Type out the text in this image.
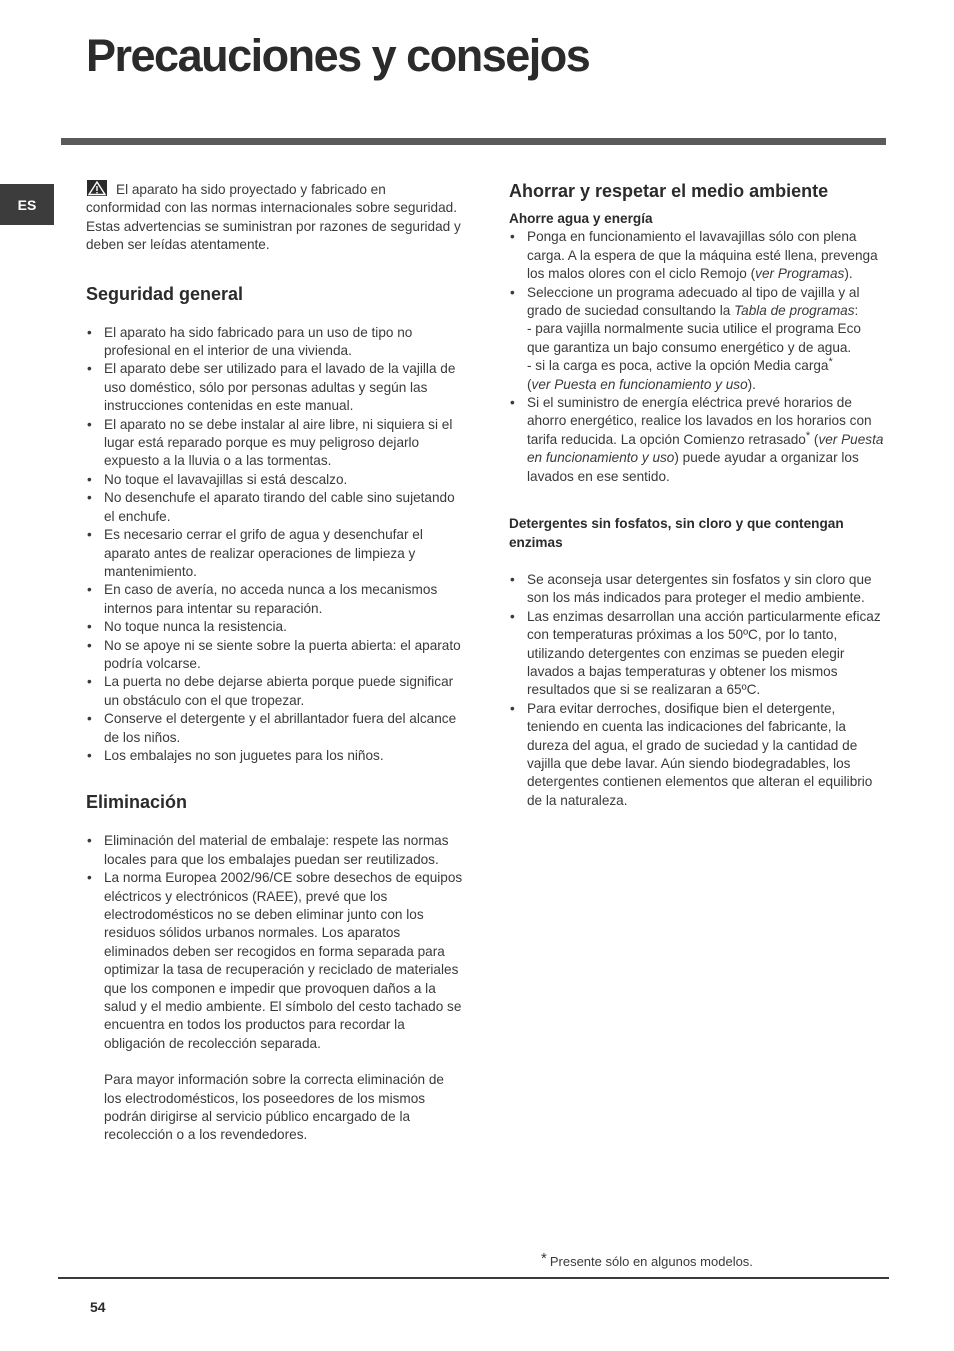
Precauciones y consejos
ES

El aparato ha sido proyectado y fabricado en conformidad con las normas internacionales sobre seguridad. Estas advertencias se suministran por razones de seguridad y deben ser leídas atentamente.

Seguridad general
• El aparato ha sido fabricado para un uso de tipo no profesional en el interior de una vivienda.
• El aparato debe ser utilizado para el lavado de la vajilla de uso doméstico, sólo por personas adultas y según las instrucciones contenidas en este manual.
• El aparato no se debe instalar al aire libre, ni siquiera si el lugar está reparado porque es muy peligroso dejarlo expuesto a la lluvia o a las tormentas.
• No toque el lavavajillas si está descalzo.
• No desenchufe el aparato tirando del cable sino sujetando el enchufe.
• Es necesario cerrar el grifo de agua y desenchufar el aparato antes de realizar operaciones de limpieza y mantenimiento.
• En caso de avería, no acceda nunca a los mecanismos internos para intentar su reparación.
• No toque nunca la resistencia.
• No se apoye ni se siente sobre la puerta abierta: el aparato podría volcarse.
• La puerta no debe dejarse abierta porque puede significar un obstáculo con el que tropezar.
• Conserve el detergente y el abrillantador fuera del alcance de los niños.
• Los embalajes no son juguetes para los niños.
Eliminación
• Eliminación del material de embalaje: respete las normas locales para que los embalajes puedan ser reutilizados.
• La norma Europea 2002/96/CE sobre desechos de equipos eléctricos y electrónicos (RAEE), prevé que los electrodomésticos no se deben eliminar junto con los residuos sólidos urbanos normales. Los aparatos eliminados deben ser recogidos en forma separada para optimizar la tasa de recuperación y reciclado de materiales que los componen e impedir que provoquen daños a la salud y el medio ambiente. El símbolo del cesto tachado se encuentra en todos los productos para recordar la obligación de recolección separada.

Para mayor información sobre la correcta eliminación de los electrodomésticos, los poseedores de los mismos podrán dirigirse al servicio público encargado de la recolección o a los revendedores.

Ahorrar y respetar el medio ambiente
Ahorre agua y energía
• Ponga en funcionamiento el lavavajillas sólo con plena carga. A la espera de que la máquina esté llena, prevenga los malos olores con el ciclo Remojo (ver Programas).
• Seleccione un programa adecuado al tipo de vajilla y al grado de suciedad consultando la Tabla de programas:
- para vajilla normalmente sucia utilice el programa Eco que garantiza un bajo consumo energético y de agua.
- si la carga es poca, active la opción Media carga*
(ver Puesta en funcionamiento y uso).
• Si el suministro de energía eléctrica prevé horarios de ahorro energético, realice los lavados en los horarios con tarifa reducida. La opción Comienzo retrasado* (ver Puesta en funcionamiento y uso) puede ayudar a organizar los lavados en ese sentido.
Detergentes sin fosfatos, sin cloro y que contengan enzimas
• Se aconseja usar detergentes sin fosfatos y sin cloro que son los más indicados para proteger el medio ambiente.
• Las enzimas desarrollan una acción particularmente eficaz con temperaturas próximas a los 50ºC, por lo tanto, utilizando detergentes con enzimas se pueden elegir lavados a bajas temperaturas y obtener los mismos resultados que si se realizaran a 65ºC.
• Para evitar derroches, dosifique bien el detergente, teniendo en cuenta las indicaciones del fabricante, la dureza del agua, el grado de suciedad y la cantidad de vajilla que debe lavar. Aún siendo biodegradables, los detergentes contienen elementos que alteran el equilibrio de la naturaleza.
* Presente sólo en algunos modelos.
54
